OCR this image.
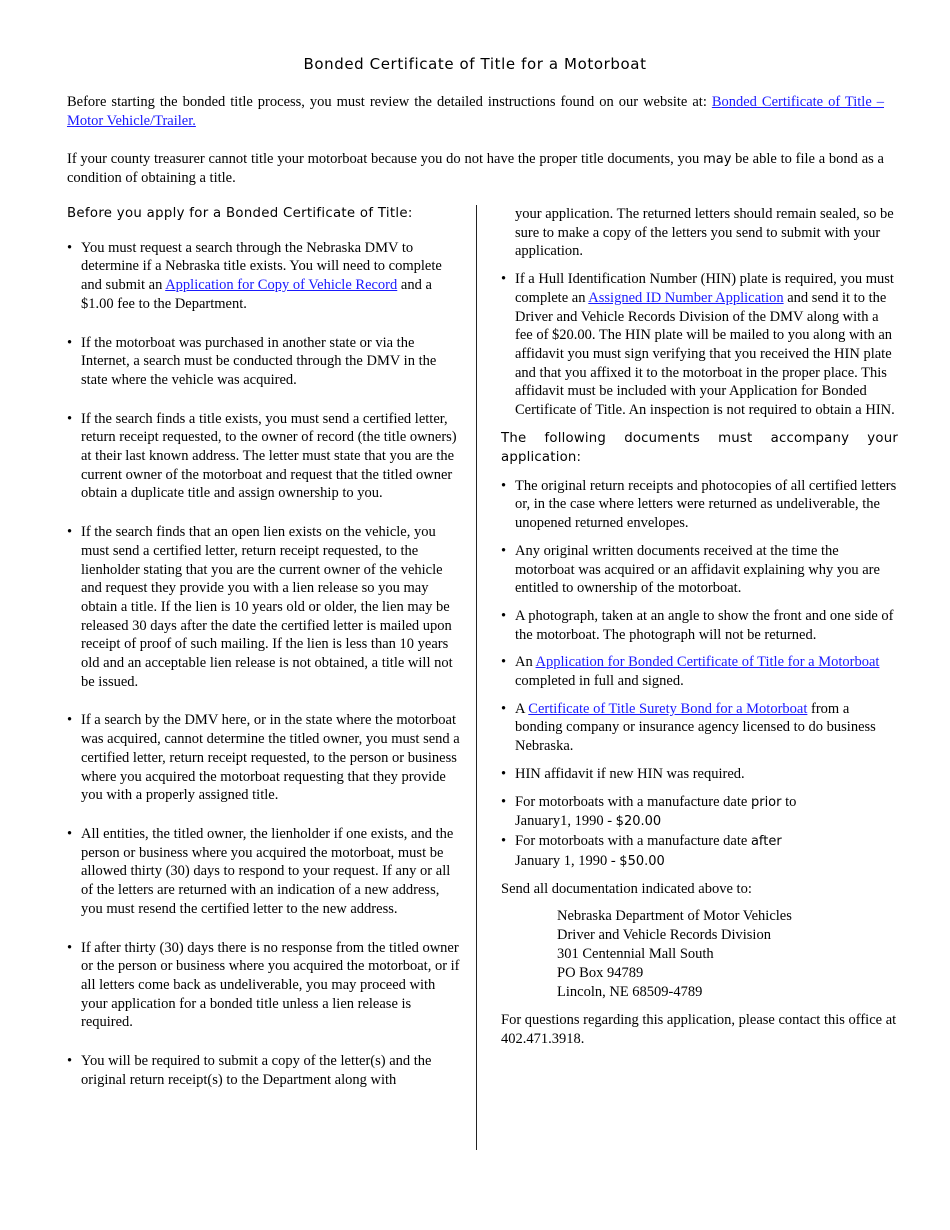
Bonded Certificate of Title for a Motorboat

Before starting the bonded title process, you must review the detailed instructions found on our website at: Bonded Certificate of Title – Motor Vehicle/Trailer.

If your county treasurer cannot title your motorboat because you do not have the proper title documents, you may be able to file a bond as a condition of obtaining a title.

Before you apply for a Bonded Certificate of Title:

• You must request a search through the Nebraska DMV to determine if a Nebraska title exists. You will need to complete and submit an Application for Copy of Vehicle Record and a $1.00 fee to the Department.
• If the motorboat was purchased in another state or via the Internet, a search must be conducted through the DMV in the state where the vehicle was acquired.
• If the search finds a title exists, you must send a certified letter, return receipt requested, to the owner of record (the title owners) at their last known address. The letter must state that you are the current owner of the motorboat and request that the titled owner obtain a duplicate title and assign ownership to you.
• If the search finds that an open lien exists on the vehicle, you must send a certified letter, return receipt requested, to the lienholder stating that you are the current owner of the vehicle and request they provide you with a lien release so you may obtain a title. If the lien is 10 years old or older, the lien may be released 30 days after the date the certified letter is mailed upon receipt of proof of such mailing. If the lien is less than 10 years old and an acceptable lien release is not obtained, a title will not be issued.
• If a search by the DMV here, or in the state where the motorboat was acquired, cannot determine the titled owner, you must send a certified letter, return receipt requested, to the person or business where you acquired the motorboat requesting that they provide you with a properly assigned title.
• All entities, the titled owner, the lienholder if one exists, and the person or business where you acquired the motorboat, must be allowed thirty (30) days to respond to your request. If any or all of the letters are returned with an indication of a new address, you must resend the certified letter to the new address.
• If after thirty (30) days there is no response from the titled owner or the person or business where you acquired the motorboat, or if all letters come back as undeliverable, you may proceed with your application for a bonded title unless a lien release is required.
• You will be required to submit a copy of the letter(s) and the original return receipt(s) to the Department along with

your application. The returned letters should remain sealed, so be sure to make a copy of the letters you send to submit with your application.

• If a Hull Identification Number (HIN) plate is required, you must complete an Assigned ID Number Application and send it to the Driver and Vehicle Records Division of the DMV along with a fee of $20.00. The HIN plate will be mailed to you along with an affidavit you must sign verifying that you received the HIN plate and that you affixed it to the motorboat in the proper place. This affidavit must be included with your Application for Bonded Certificate of Title. An inspection is not required to obtain a HIN.

The following documents must accompany your application:

• The original return receipts and photocopies of all certified letters or, in the case where letters were returned as undeliverable, the unopened returned envelopes.
• Any original written documents received at the time the motorboat was acquired or an affidavit explaining why you are entitled to ownership of the motorboat.
• A photograph, taken at an angle to show the front and one side of the motorboat. The photograph will not be returned.
• An Application for Bonded Certificate of Title for a Motorboat completed in full and signed.
• A Certificate of Title Surety Bond for a Motorboat from a bonding company or insurance agency licensed to do business Nebraska.
• HIN affidavit if new HIN was required.
• For motorboats with a manufacture date prior to
January1, 1990 - $20.00
• For motorboats with a manufacture date after
January 1, 1990 - $50.00

Send all documentation indicated above to:

Nebraska Department of Motor Vehicles
Driver and Vehicle Records Division
301 Centennial Mall South
PO Box 94789
Lincoln, NE 68509-4789

For questions regarding this application, please contact this office at 402.471.3918.
